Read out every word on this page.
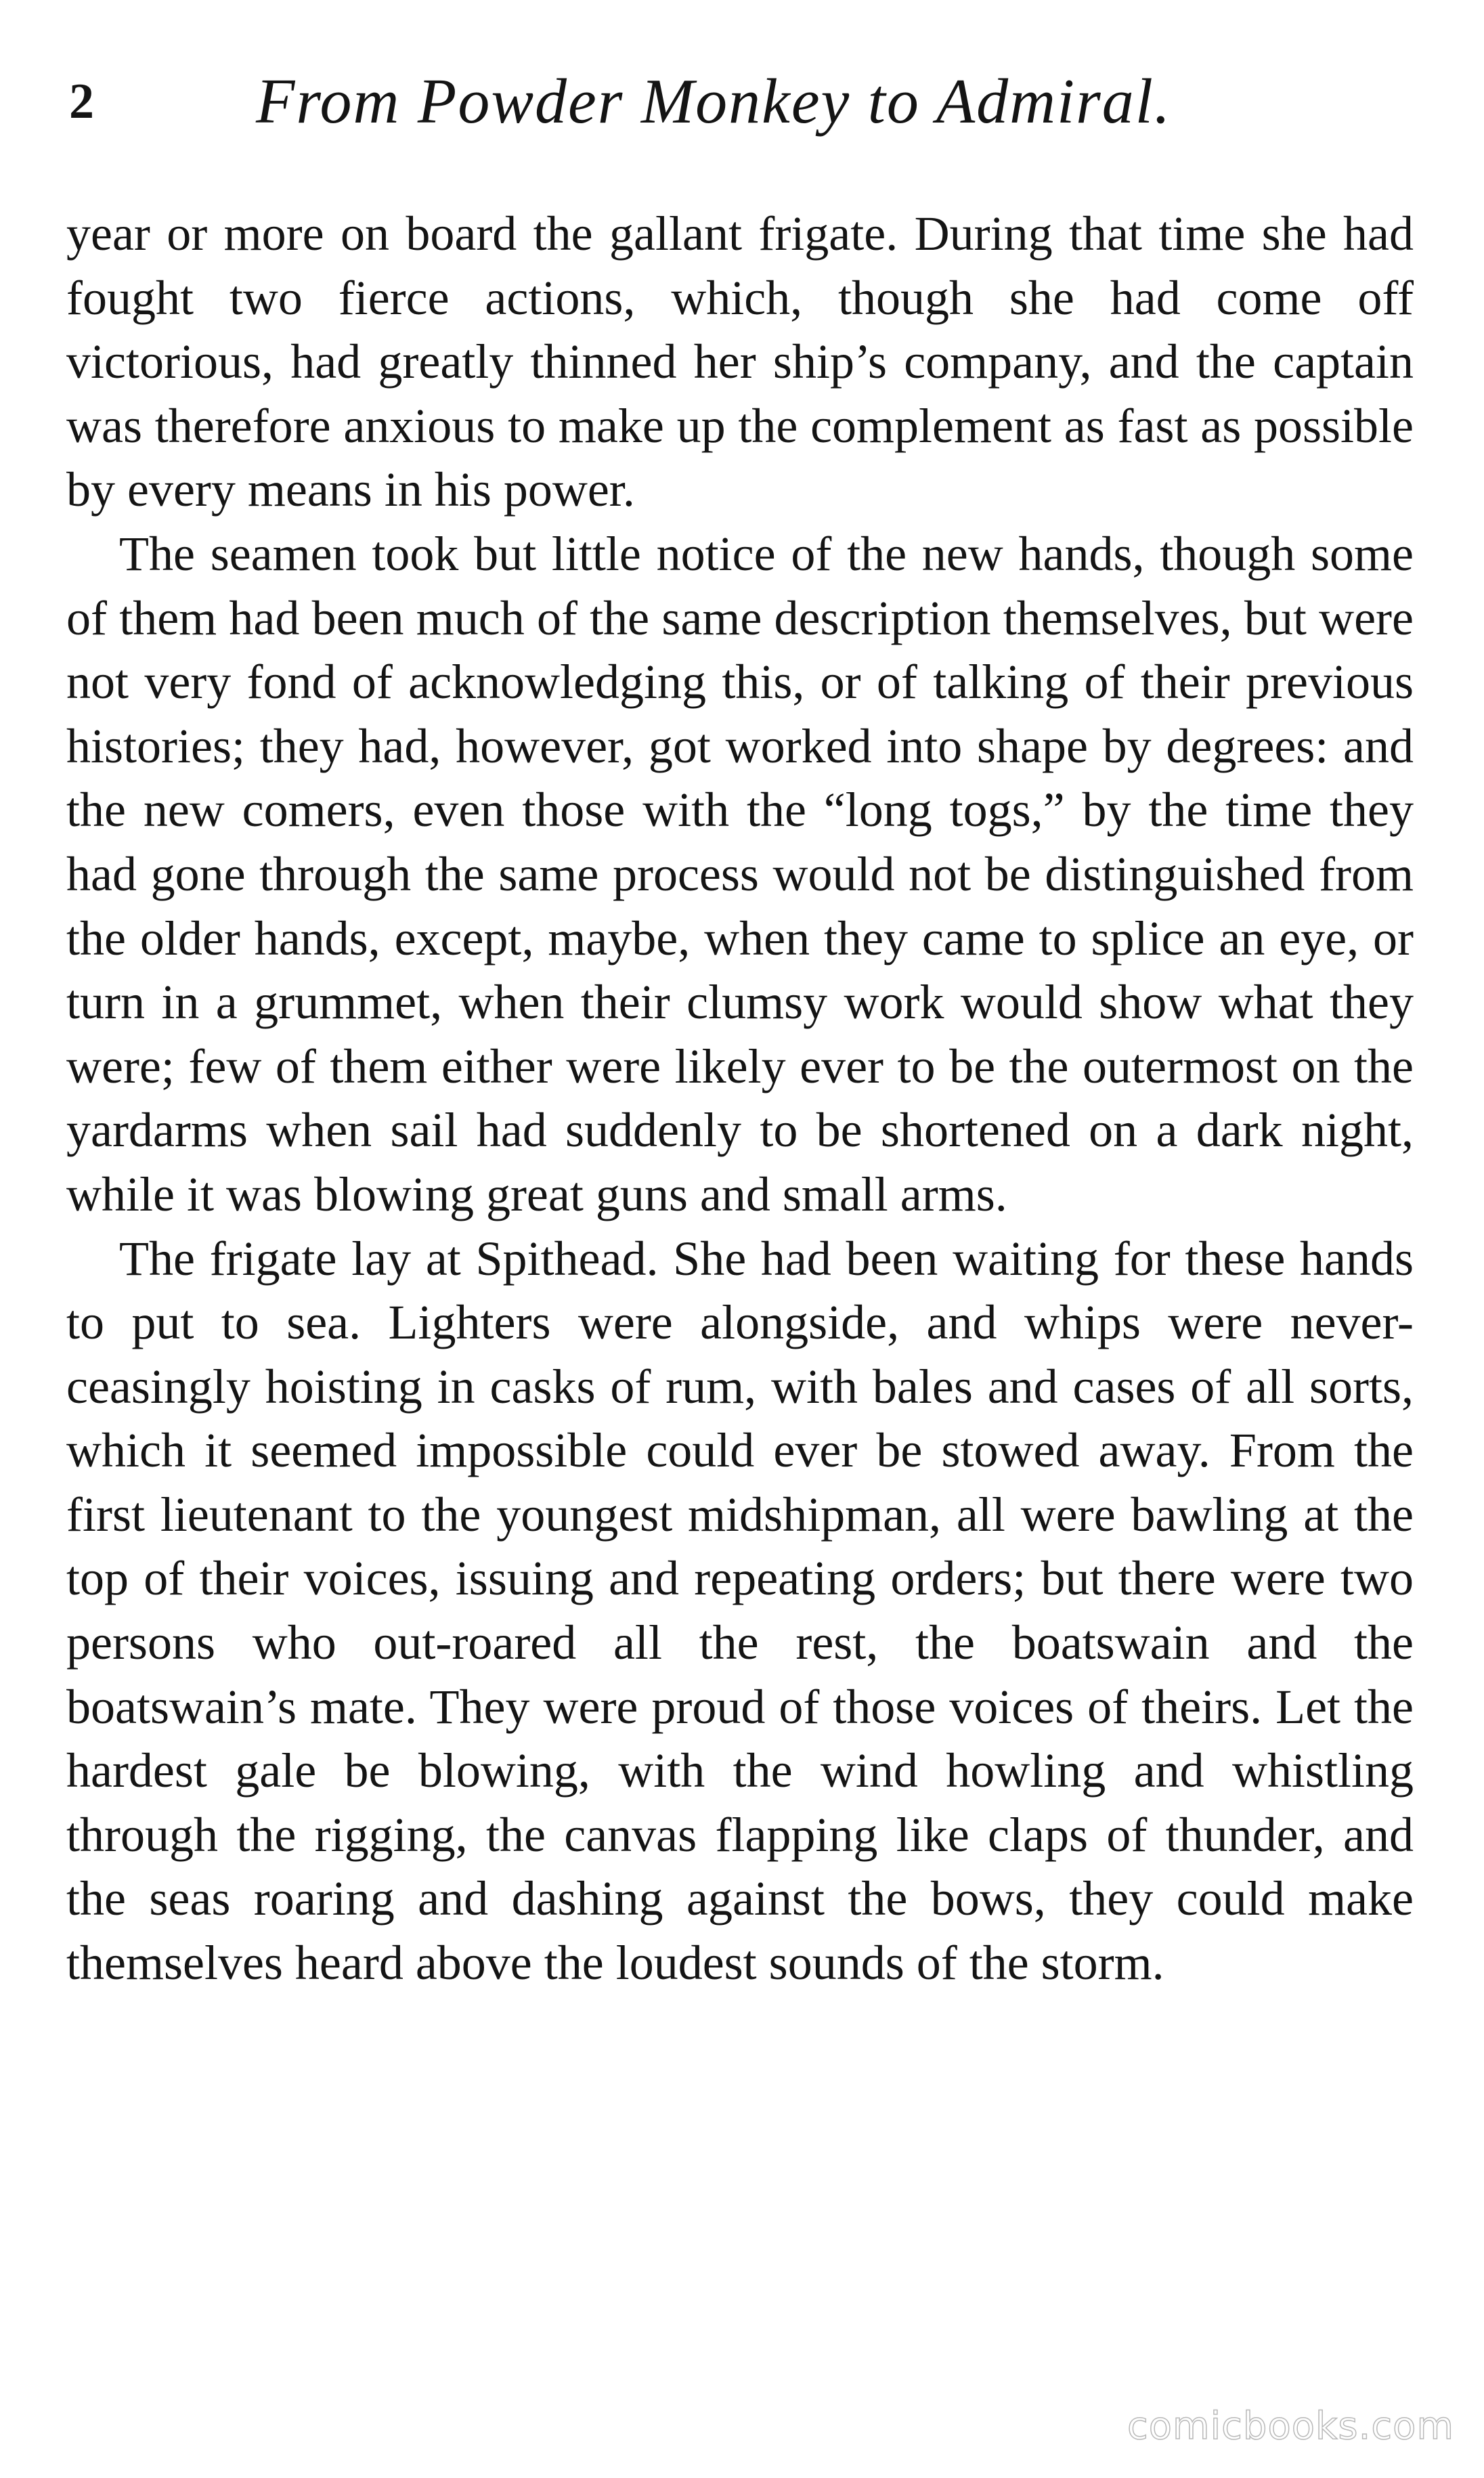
2	From Powder Monkey to Admiral.

year or more on board the gallant frigate. During that time she had fought two fierce actions, which, though she had come off victorious, had greatly thinned her ship’s company, and the captain was therefore anxious to make up the complement as fast as possible by every means in his power.

The seamen took but little notice of the new hands, though some of them had been much of the same description themselves, but were not very fond of acknowledging this, or of talking of their previous histories; they had, however, got worked into shape by degrees: and the new comers, even those with the “long togs,” by the time they had gone through the same process would not be distinguished from the older hands, except, maybe, when they came to splice an eye, or turn in a grummet, when their clumsy work would show what they were; few of them either were likely ever to be the outermost on the yardarms when sail had suddenly to be shortened on a dark night, while it was blowing great guns and small arms.

The frigate lay at Spithead. She had been waiting for these hands to put to sea. Lighters were alongside, and whips were never-ceasingly hoisting in casks of rum, with bales and cases of all sorts, which it seemed impossible could ever be stowed away. From the first lieutenant to the youngest midshipman, all were bawling at the top of their voices, issuing and repeating orders; but there were two persons who out-roared all the rest, the boatswain and the boatswain’s mate. They were proud of those voices of theirs. Let the hardest gale be blowing, with the wind howling and whistling through the rigging, the canvas flapping like claps of thunder, and the seas roaring and dashing against the bows, they could make themselves heard above the loudest sounds of the storm.

comicbooks.com
